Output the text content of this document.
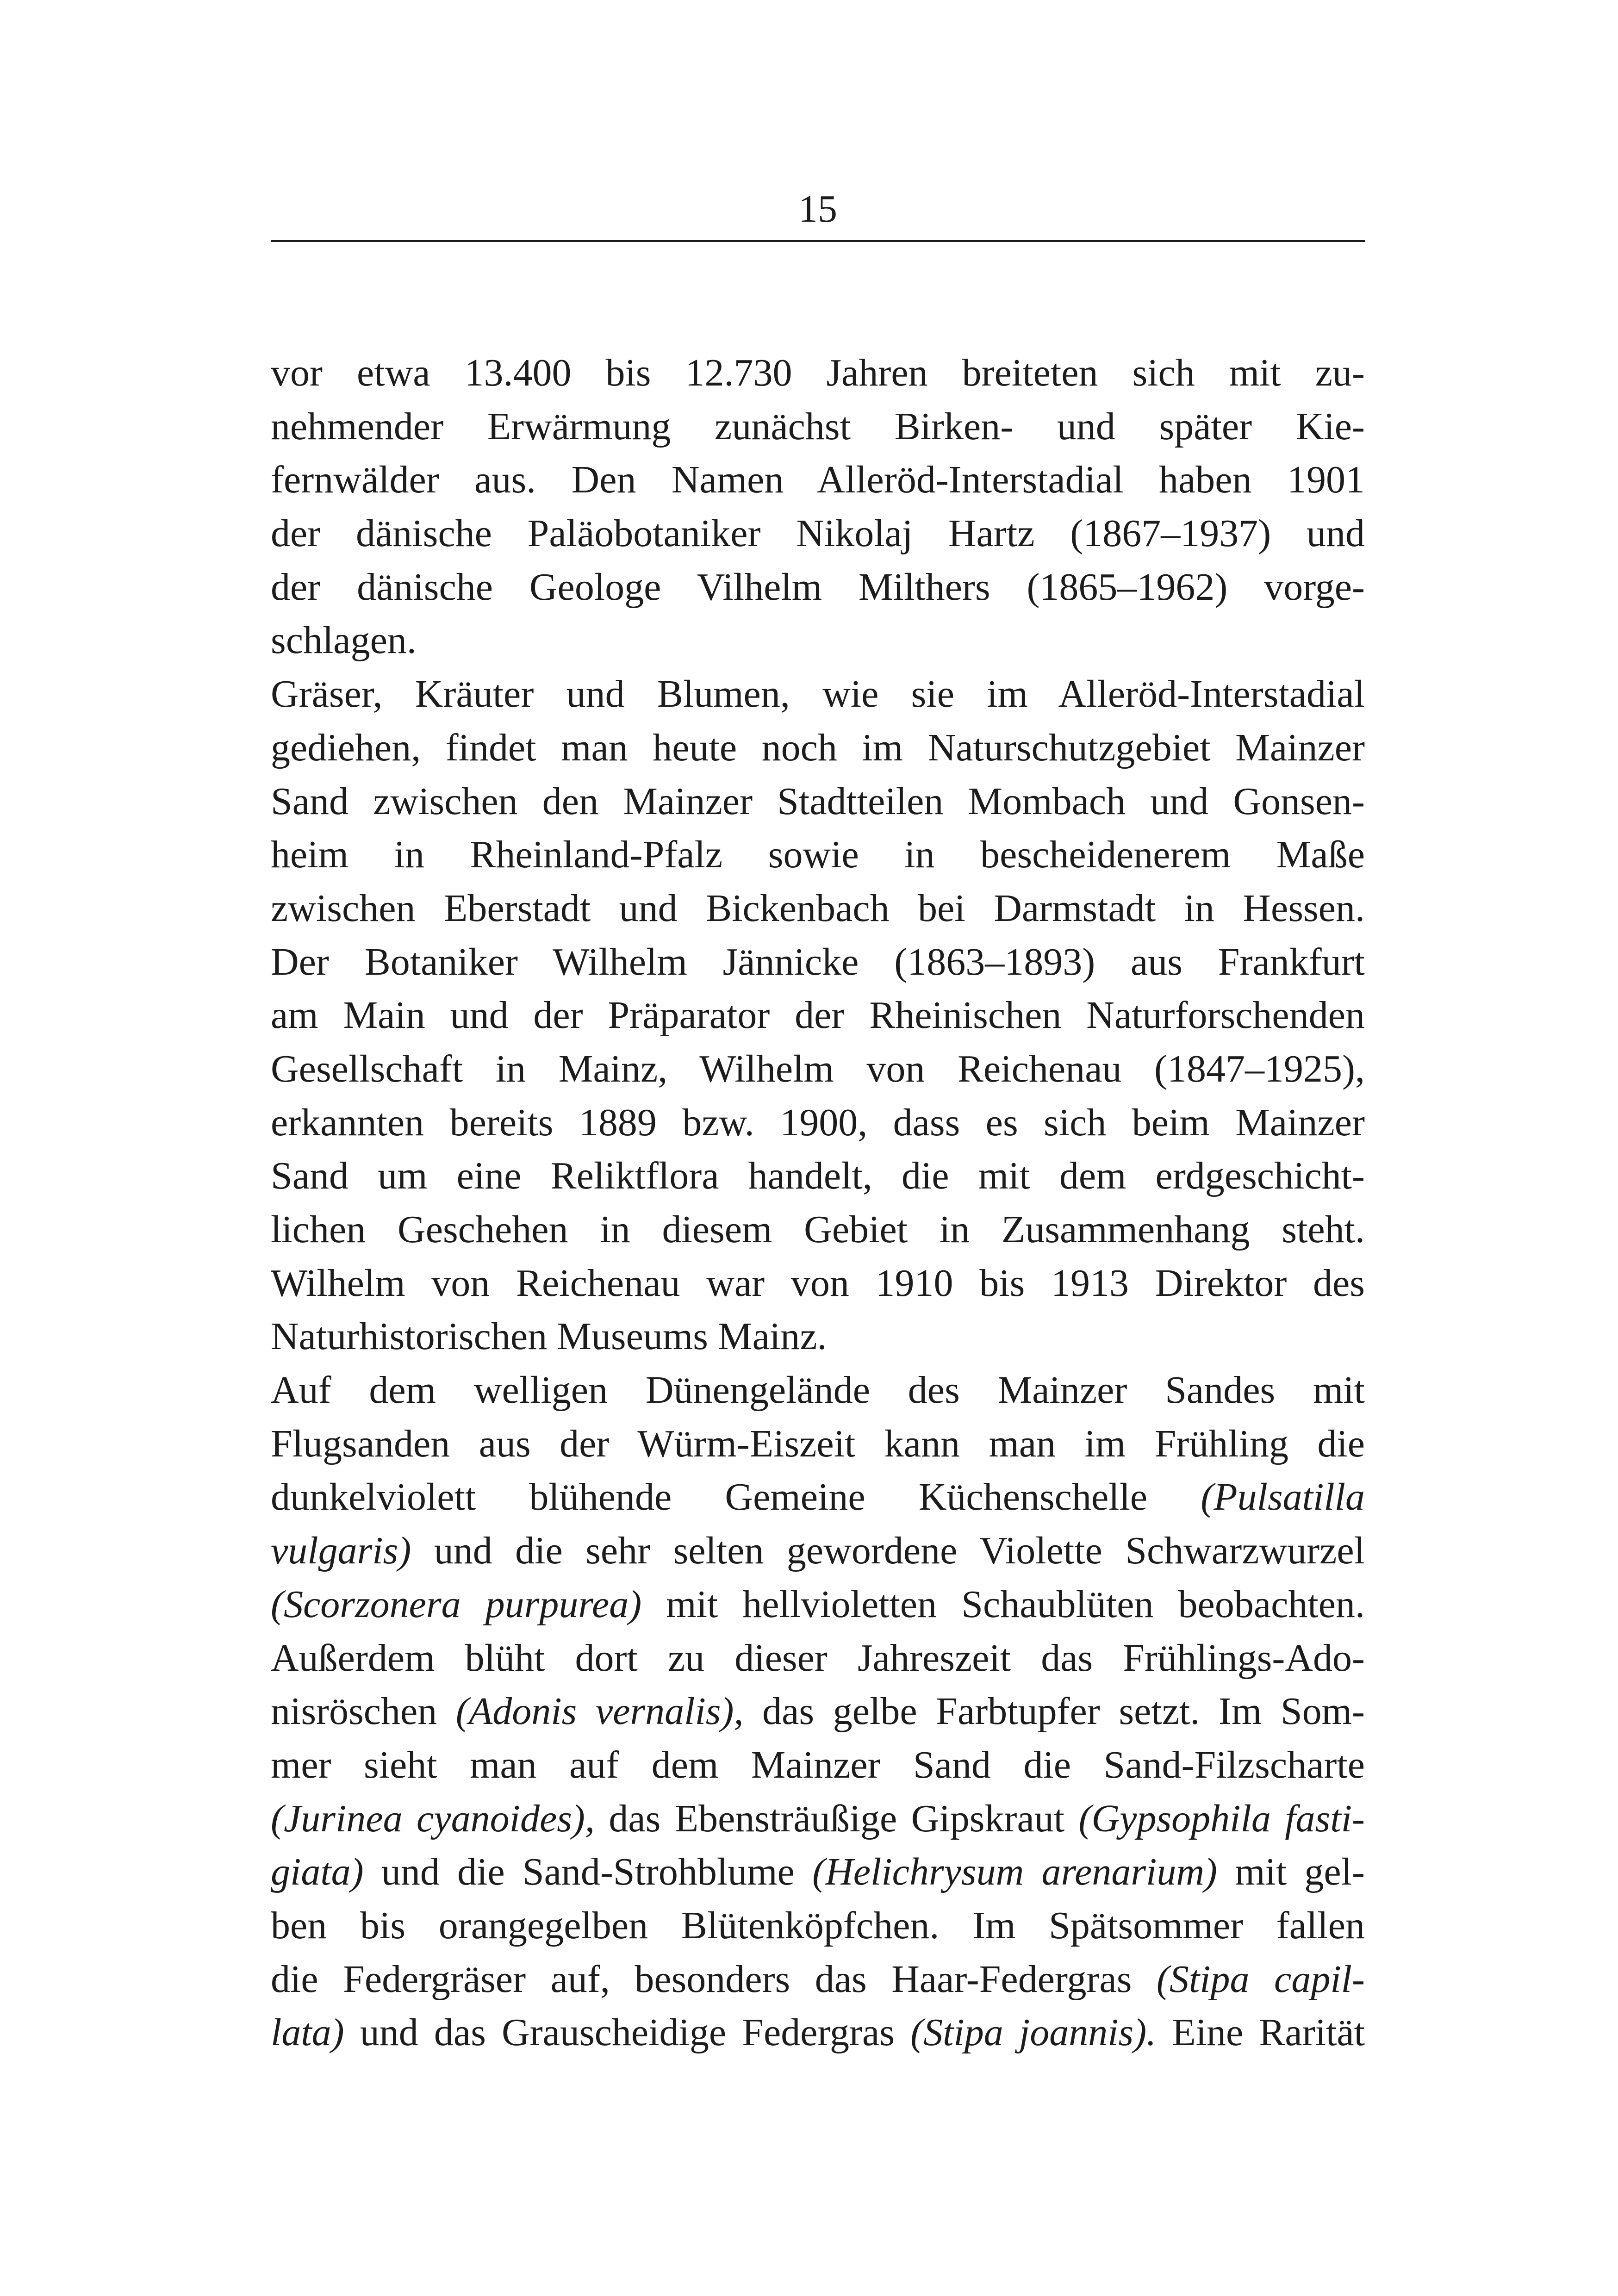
15
vor etwa 13.400 bis 12.730 Jahren breiteten sich mit zu-
nehmender Erwärmung zunächst Birken- und später Kie-
fernwälder aus. Den Namen Alleröd-Interstadial haben 1901
der dänische Paläobotaniker Nikolaj Hartz (1867–1937) und
der dänische Geologe Vilhelm Milthers (1865–1962) vorge-
schlagen.
Gräser, Kräuter und Blumen, wie sie im Alleröd-Interstadial
gediehen, findet man heute noch im Naturschutzgebiet Mainzer
Sand zwischen den Mainzer Stadtteilen Mombach und Gonsen-
heim in Rheinland-Pfalz sowie in bescheidenerem Maße
zwischen Eberstadt und Bickenbach bei Darmstadt in Hessen.
Der Botaniker Wilhelm Jännicke (1863–1893) aus Frankfurt
am Main und der Präparator der Rheinischen Naturforschenden
Gesellschaft in Mainz, Wilhelm von Reichenau (1847–1925),
erkannten bereits 1889 bzw. 1900, dass es sich beim Mainzer
Sand um eine Reliktflora handelt, die mit dem erdgeschicht-
lichen Geschehen in diesem Gebiet in Zusammenhang steht.
Wilhelm von Reichenau war von 1910 bis 1913 Direktor des
Naturhistorischen Museums Mainz.
Auf dem welligen Dünengelände des Mainzer Sandes mit
Flugsanden aus der Würm-Eiszeit kann man im Frühling die
dunkelviolett blühende Gemeine Küchenschelle (Pulsatilla
vulgaris) und die sehr selten gewordene Violette Schwarzwurzel
(Scorzonera purpurea) mit hellvioletten Schaublüten beobachten.
Außerdem blüht dort zu dieser Jahreszeit das Frühlings-Ado-
nisröschen (Adonis vernalis), das gelbe Farbtupfer setzt. Im Som-
mer sieht man auf dem Mainzer Sand die Sand-Filzscharte
(Jurinea cyanoides), das Ebensträußige Gipskraut (Gypsophila fasti-
giata) und die Sand-Strohblume (Helichrysum arenarium) mit gel-
ben bis orangegelben Blütenköpfchen. Im Spätsommer fallen
die Federgräser auf, besonders das Haar-Federgras (Stipa capil-
lata) und das Grauscheidige Federgras (Stipa joannis). Eine Rarität
